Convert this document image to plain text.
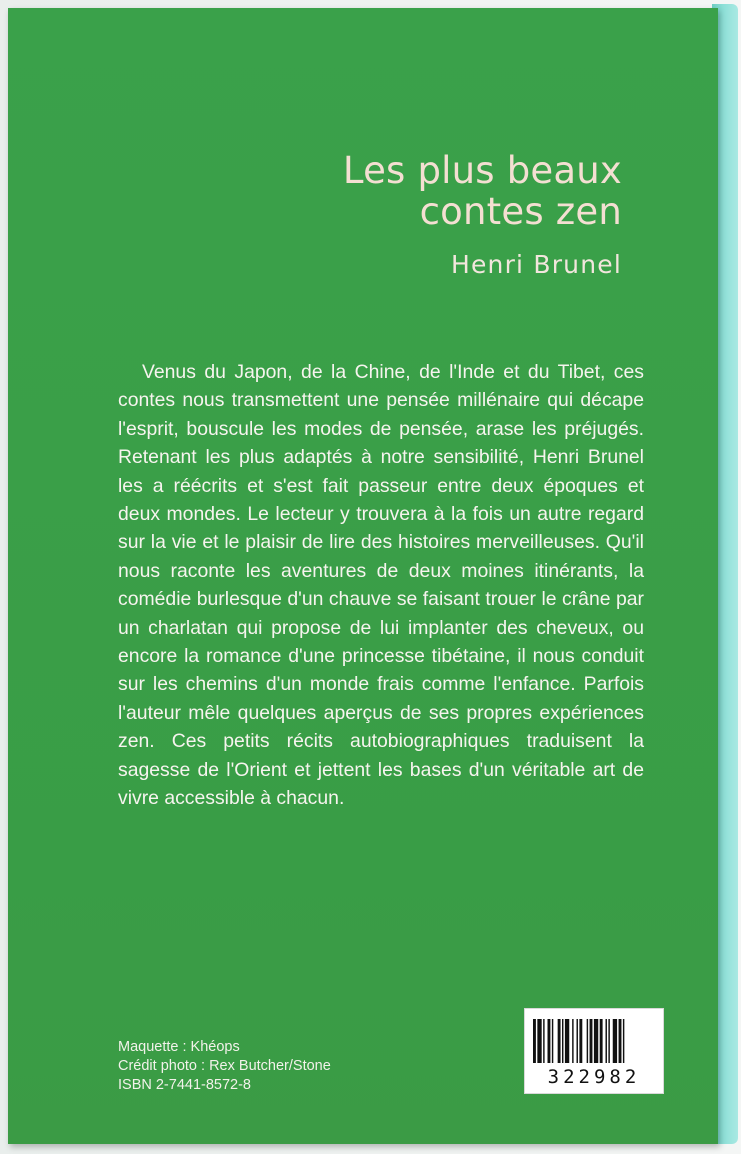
Les plus beaux
contes zen
Henri Brunel

Venus du Japon, de la Chine, de l'Inde et du Tibet, ces contes nous transmettent une pensée millénaire qui décape l'esprit, bouscule les modes de pensée, arase les préjugés. Retenant les plus adaptés à notre sensibilité, Henri Brunel les a réécrits et s'est fait passeur entre deux époques et deux mondes. Le lecteur y trouvera à la fois un autre regard sur la vie et le plaisir de lire des histoires merveilleuses. Qu'il nous raconte les aventures de deux moines itinérants, la comédie burlesque d'un chauve se faisant trouer le crâne par un charlatan qui propose de lui implanter des cheveux, ou encore la romance d'une princesse tibétaine, il nous conduit sur les chemins d'un monde frais comme l'enfance. Parfois l'auteur mêle quelques aperçus de ses propres expériences zen. Ces petits récits autobiographiques traduisent la sagesse de l'Orient et jettent les bases d'un véritable art de vivre accessible à chacun.

Maquette : Khéops
Crédit photo : Rex Butcher/Stone
ISBN 2-7441-8572-8	322982
